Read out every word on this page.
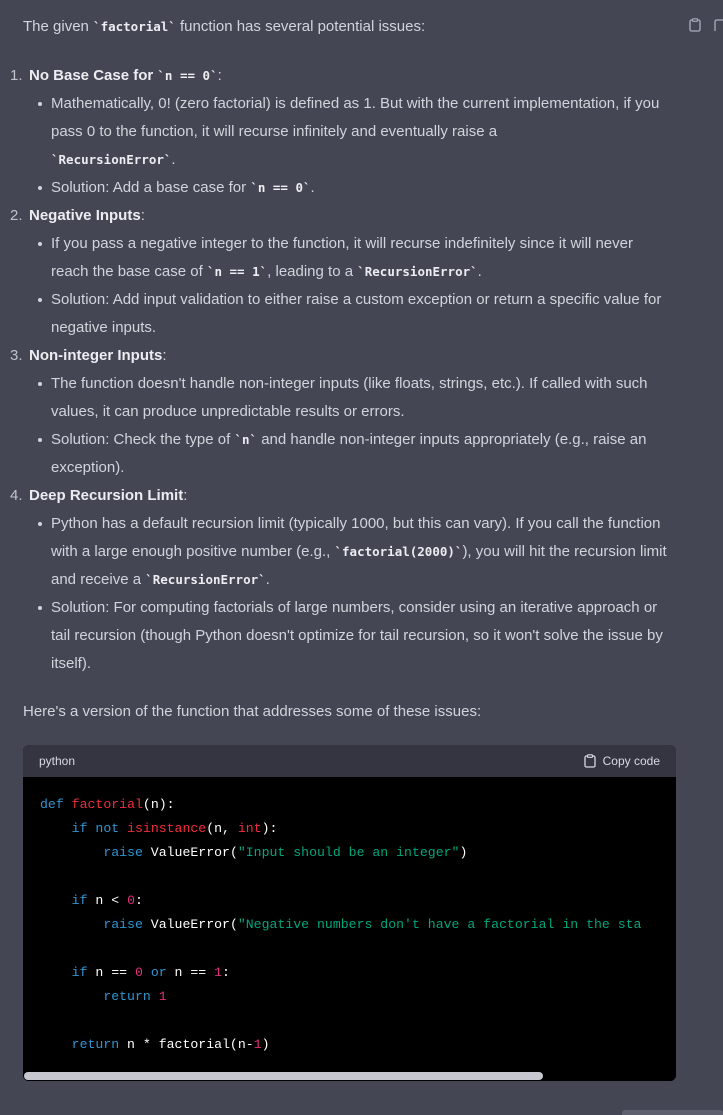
The given `factorial` function has several potential issues:
1. No Base Case for `n == 0`:
Mathematically, 0! (zero factorial) is defined as 1. But with the current implementation, if you pass 0 to the function, it will recurse infinitely and eventually raise a
`RecursionError`.
Solution: Add a base case for `n == 0`.
2. Negative Inputs:
If you pass a negative integer to the function, it will recurse indefinitely since it will never reach the base case of `n == 1`, leading to a `RecursionError`.
Solution: Add input validation to either raise a custom exception or return a specific value for negative inputs.
3. Non-integer Inputs:
The function doesn't handle non-integer inputs (like floats, strings, etc.). If called with such values, it can produce unpredictable results or errors.
Solution: Check the type of `n` and handle non-integer inputs appropriately (e.g., raise an exception).
4. Deep Recursion Limit:
Python has a default recursion limit (typically 1000, but this can vary). If you call the function with a large enough positive number (e.g., `factorial(2000)`), you will hit the recursion limit and receive a `RecursionError`.
Solution: For computing factorials of large numbers, consider using an iterative approach or tail recursion (though Python doesn't optimize for tail recursion, so it won't solve the issue by itself).
Here's a version of the function that addresses some of these issues:
python	Copy code
def factorial(n):
if not isinstance(n, int):
raise ValueError("Input should be an integer")

if n < 0:
raise ValueError("Negative numbers don't have a factorial in the sta

if n == 0 or n == 1:
return 1

return n * factorial(n-1)
